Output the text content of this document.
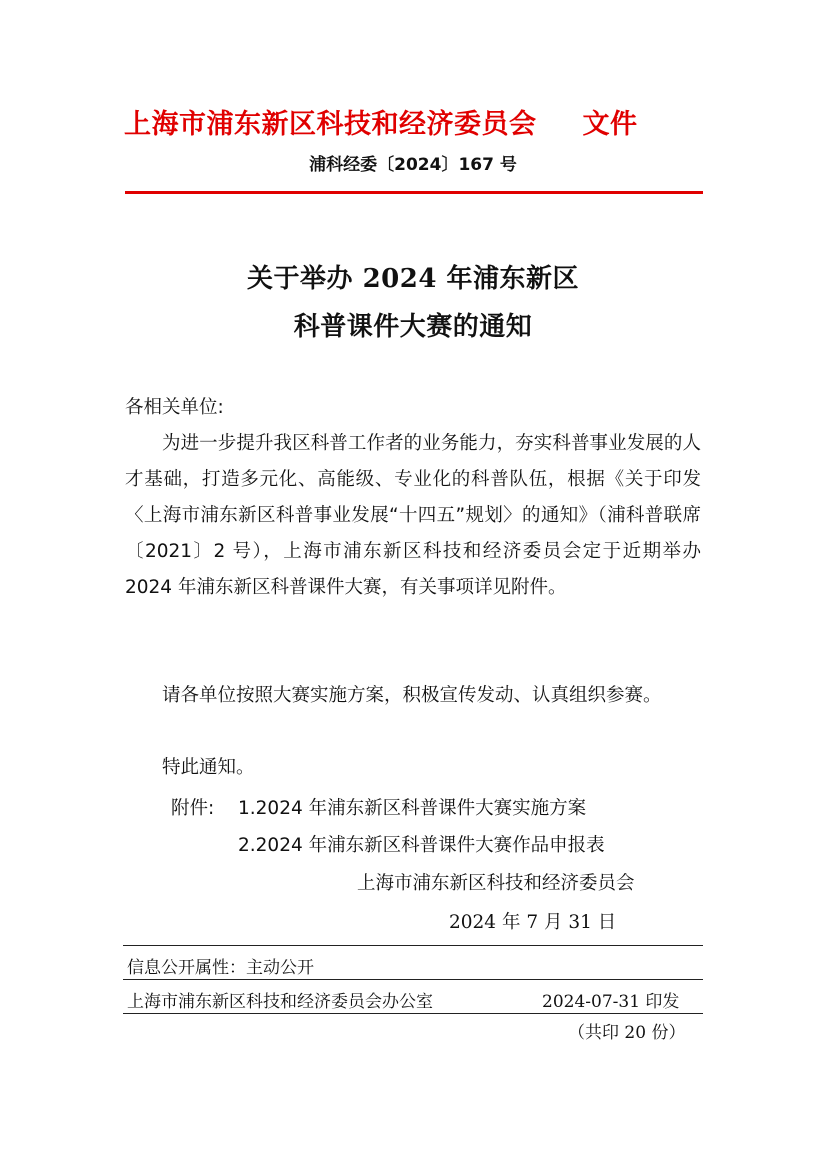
上海市浦东新区科技和经济委员会 文件
浦科经委〔2024〕167 号
关于举办 2024 年浦东新区
科普课件大赛的通知
各相关单位:
为进一步提升我区科普工作者的业务能力，夯实科普事业发展的人才基础，打造多元化、高能级、专业化的科普队伍，根据《关于印发〈上海市浦东新区科普事业发展“十四五”规划〉的通知》（浦科普联席〔2021〕2 号），上海市浦东新区科技和经济委员会定于近期举办 2024 年浦东新区科普课件大赛，有关事项详见附件。
请各单位按照大赛实施方案，积极宣传发动、认真组织参赛。
特此通知。
附件: 1.2024 年浦东新区科普课件大赛实施方案
2.2024 年浦东新区科普课件大赛作品申报表
上海市浦东新区科技和经济委员会
2024 年 7 月 31 日
信息公开属性：主动公开
上海市浦东新区科技和经济委员会办公室	2024-07-31 印发
（共印 20 份）
